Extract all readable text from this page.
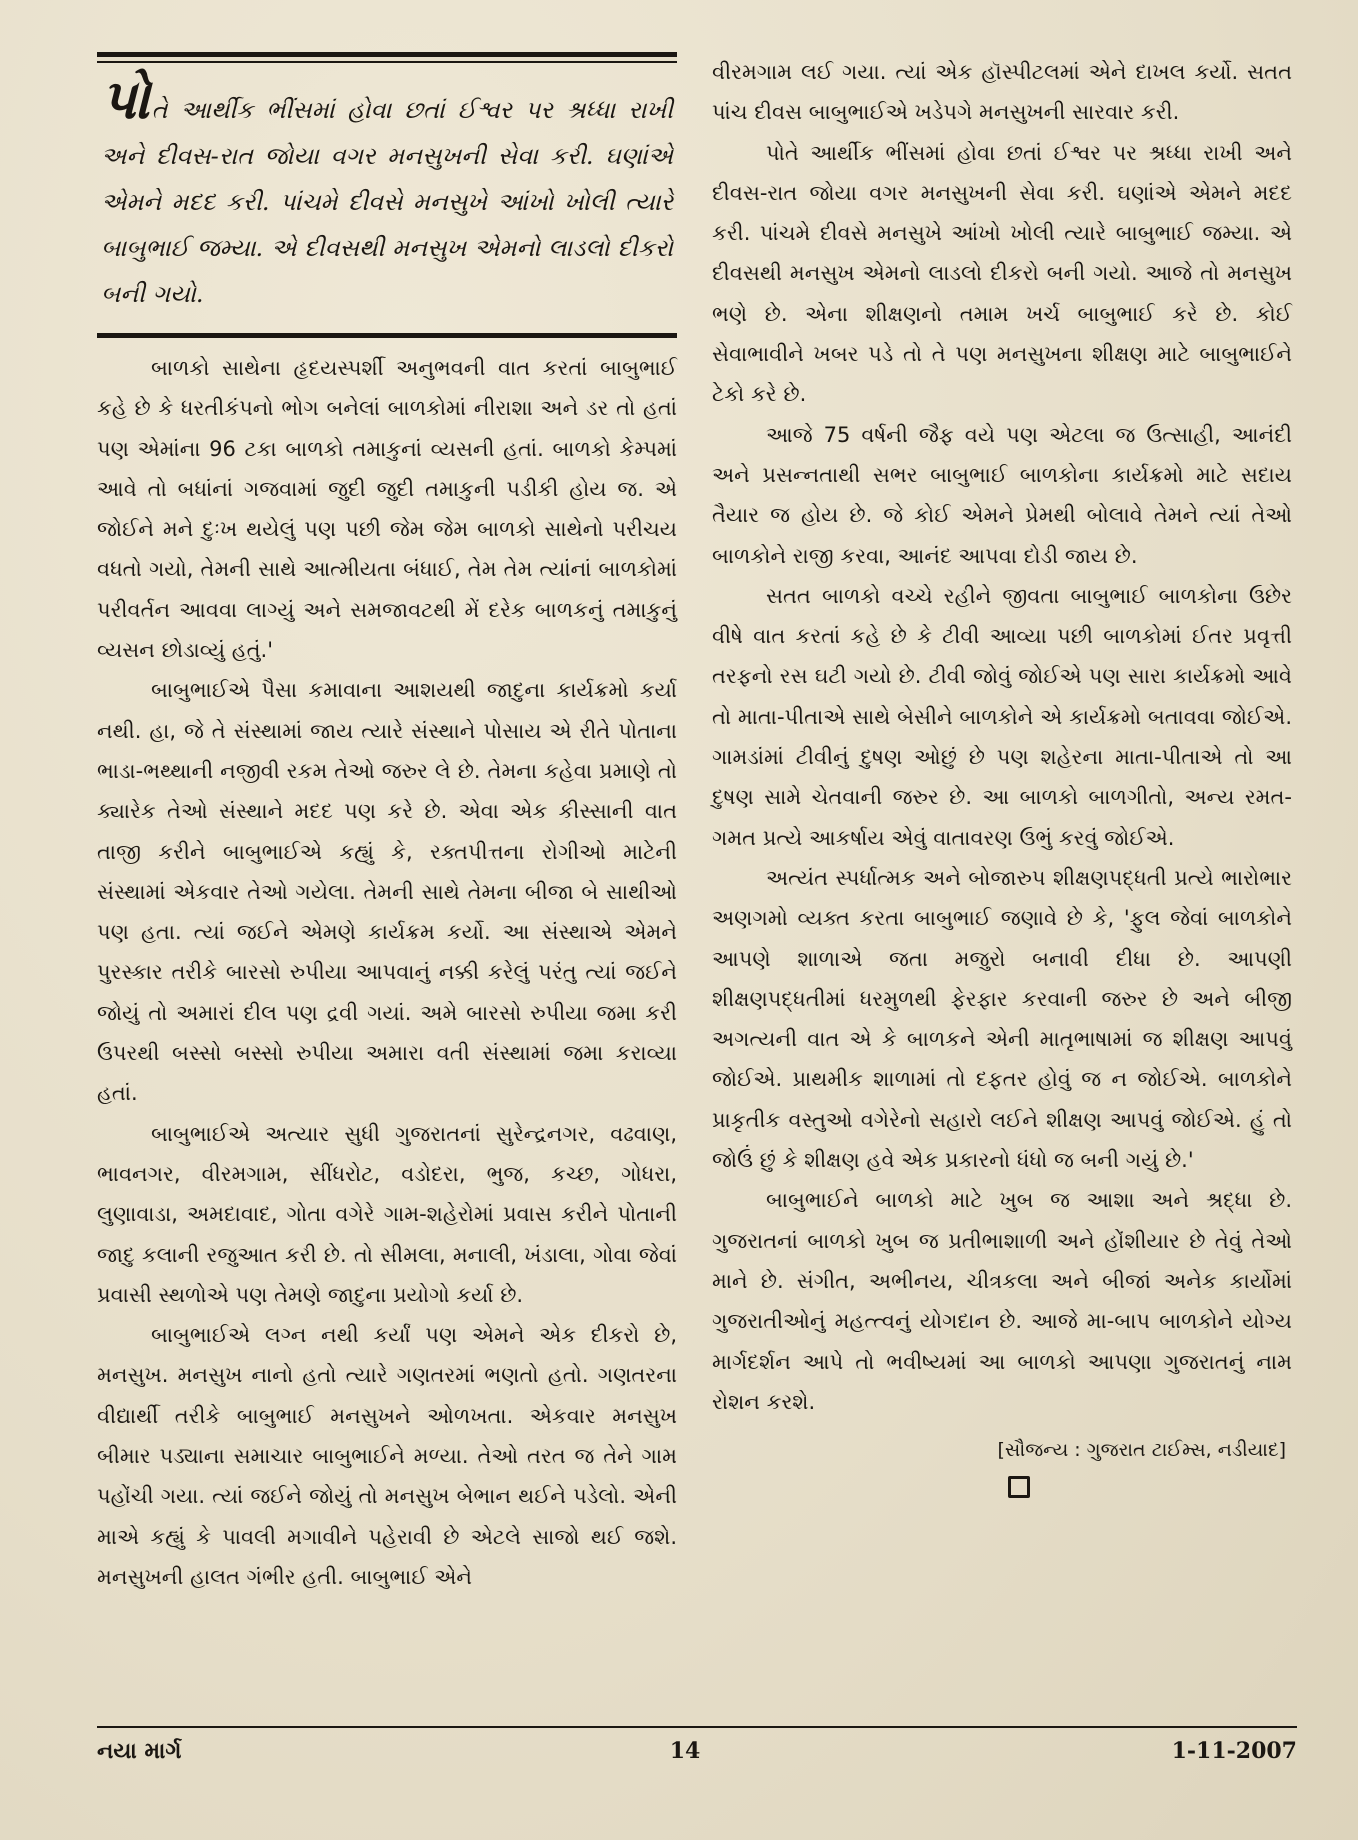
પોતે આર્થીક ભીંસમાં હોવા છતાં ઈશ્વર પર શ્રધ્ધા રાખી અને દીવસ-રાત જોયા વગર મનસુખની સેવા કરી. ઘણાંએ એમને મદદ કરી. પાંચમે દીવસે મનસુખે આંખો ખોલી ત્યારે બાબુભાઈ જમ્યા. એ દીવસથી મનસુખ એમનો લાડલો દીકરો બની ગયો.

બાળકો સાથેના હૃદયસ્પર્શી અનુભવની વાત કરતાં બાબુભાઈ કહે છે કે ધરતીકંપનો ભોગ બનેલાં બાળકોમાં નીરાશા અને ડર તો હતાં પણ એમાંના 96 ટકા બાળકો તમાકુનાં વ્યસની હતાં. બાળકો કેમ્પમાં આવે તો બધાંનાં ગજવામાં જુદી જુદી તમાકુની પડીકી હોય જ. એ જોઈને મને દુઃખ થયેલું પણ પછી જેમ જેમ બાળકો સાથેનો પરીચય વધતો ગયો, તેમની સાથે આત્મીયતા બંધાઈ, તેમ તેમ ત્યાંનાં બાળકોમાં પરીવર્તન આવવા લાગ્યું અને સમજાવટથી મેં દરેક બાળકનું તમાકુનું વ્યસન છોડાવ્યું હતું.'

બાબુભાઈએ પૈસા કમાવાના આશયથી જાદુના કાર્યક્રમો કર્યા નથી. હા, જે તે સંસ્થામાં જાય ત્યારે સંસ્થાને પોસાય એ રીતે પોતાના ભાડા-ભથ્થાની નજીવી રકમ તેઓ જરુર લે છે. તેમના કહેવા પ્રમાણે તો ક્યારેક તેઓ સંસ્થાને મદદ પણ કરે છે. એવા એક કીસ્સાની વાત તાજી કરીને બાબુભાઈએ કહ્યું કે, રક્તપીત્તના રોગીઓ માટેની સંસ્થામાં એકવાર તેઓ ગયેલા. તેમની સાથે તેમના બીજા બે સાથીઓ પણ હતા. ત્યાં જઈને એમણે કાર્યક્રમ કર્યો. આ સંસ્થાએ એમને પુરસ્કાર તરીકે બારસો રુપીયા આપવાનું નક્કી કરેલું પરંતુ ત્યાં જઈને જોયું તો અમારાં દીલ પણ દ્રવી ગયાં. અમે બારસો રુપીયા જમા કરી ઉપરથી બસ્સો બસ્સો રુપીયા અમારા વતી સંસ્થામાં જમા કરાવ્યા હતાં.

બાબુભાઈએ અત્યાર સુધી ગુજરાતનાં સુરેન્દ્રનગર, વઢવાણ, ભાવનગર, વીરમગામ, સીંધરોટ, વડોદરા, ભુજ, કચ્છ, ગોધરા, લુણાવાડા, અમદાવાદ, ગોતા વગેરે ગામ-શહેરોમાં પ્રવાસ કરીને પોતાની જાદુ કલાની રજુઆત કરી છે. તો સીમલા, મનાલી, ખંડાલા, ગોવા જેવાં પ્રવાસી સ્થળોએ પણ તેમણે જાદુના પ્રયોગો કર્યા છે.

બાબુભાઈએ લગ્ન નથી કર્યાં પણ એમને એક દીકરો છે, મનસુખ. મનસુખ નાનો હતો ત્યારે ગણતરમાં ભણતો હતો. ગણતરના વીદ્યાર્થી તરીકે બાબુભાઈ મનસુખને ઓળખતા. એકવાર મનસુખ બીમાર પડ્યાના સમાચાર બાબુભાઈને મળ્યા. તેઓ તરત જ તેને ગામ પહોંચી ગયા. ત્યાં જઈને જોયું તો મનસુખ બેભાન થઈને પડેલો. એની માએ કહ્યું કે પાવલી મગાવીને પહેરાવી છે એટલે સાજો થઈ જશે. મનસુખની હાલત ગંભીર હતી. બાબુભાઈ એને

વીરમગામ લઈ ગયા. ત્યાં એક હૉસ્પીટલમાં એને દાખલ કર્યો. સતત પાંચ દીવસ બાબુભાઈએ ખડેપગે મનસુખની સારવાર કરી.

પોતે આર્થીક ભીંસમાં હોવા છતાં ઈશ્વર પર શ્રધ્ધા રાખી અને દીવસ-રાત જોયા વગર મનસુખની સેવા કરી. ઘણાંએ એમને મદદ કરી. પાંચમે દીવસે મનસુખે આંખો ખોલી ત્યારે બાબુભાઈ જમ્યા. એ દીવસથી મનસુખ એમનો લાડલો દીકરો બની ગયો. આજે તો મનસુખ ભણે છે. એના શીક્ષણનો તમામ ખર્ચ બાબુભાઈ કરે છે. કોઈ સેવાભાવીને ખબર પડે તો તે પણ મનસુખના શીક્ષણ માટે બાબુભાઈને ટેકો કરે છે.

આજે 75 વર્ષની જૈફ વયે પણ એટલા જ ઉત્સાહી, આનંદી અને પ્રસન્નતાથી સભર બાબુભાઈ બાળકોના કાર્યક્રમો માટે સદાય તૈયાર જ હોય છે. જે કોઈ એમને પ્રેમથી બોલાવે તેમને ત્યાં તેઓ બાળકોને રાજી કરવા, આનંદ આપવા દોડી જાય છે.

સતત બાળકો વચ્ચે રહીને જીવતા બાબુભાઈ બાળકોના ઉછેર વીષે વાત કરતાં કહે છે કે ટીવી આવ્યા પછી બાળકોમાં ઈતર પ્રવૃત્તી તરફનો રસ ઘટી ગયો છે. ટીવી જોવું જોઈએ પણ સારા કાર્યક્રમો આવે તો માતા-પીતાએ સાથે બેસીને બાળકોને એ કાર્યક્રમો બતાવવા જોઈએ. ગામડાંમાં ટીવીનું દુષણ ઓછું છે પણ શહેરના માતા-પીતાએ તો આ દુષણ સામે ચેતવાની જરુર છે. આ બાળકો બાળગીતો, અન્ય રમત-ગમત પ્રત્યે આકર્ષાય એવું વાતાવરણ ઉભું કરવું જોઈએ.

અત્યંત સ્પર્ધાત્મક અને બોજારુપ શીક્ષણપદ્ધતી પ્રત્યે ભારોભાર અણગમો વ્યક્ત કરતા બાબુભાઈ જણાવે છે કે, 'ફુલ જેવાં બાળકોને આપણે શાળાએ જતા મજુરો બનાવી દીધા છે. આપણી શીક્ષણપદ્ધતીમાં ધરમુળથી ફેરફાર કરવાની જરુર છે અને બીજી અગત્યની વાત એ કે બાળકને એની માતૃભાષામાં જ શીક્ષણ આપવું જોઈએ. પ્રાથમીક શાળામાં તો દફતર હોવું જ ન જોઈએ. બાળકોને પ્રાકૃતીક વસ્તુઓ વગેરેનો સહારો લઈને શીક્ષણ આપવું જોઈએ. હું તો જોઉં છું કે શીક્ષણ હવે એક પ્રકારનો ધંધો જ બની ગયું છે.'

બાબુભાઈને બાળકો માટે ખુબ જ આશા અને શ્રદ્ધા છે. ગુજરાતનાં બાળકો ખુબ જ પ્રતીભાશાળી અને હોંશીયાર છે તેવું તેઓ માને છે. સંગીત, અભીનય, ચીત્રકલા અને બીજાં અનેક કાર્યોમાં ગુજરાતીઓનું મહત્ત્વનું યોગદાન છે. આજે મા-બાપ બાળકોને યોગ્ય માર્ગદર્શન આપે તો ભવીષ્યમાં આ બાળકો આપણા ગુજરાતનું નામ રોશન કરશે.

[સૌજન્ય : ગુજરાત ટાઈમ્સ, નડીયાદ]
નયા માર્ગ	14	1-11-2007
